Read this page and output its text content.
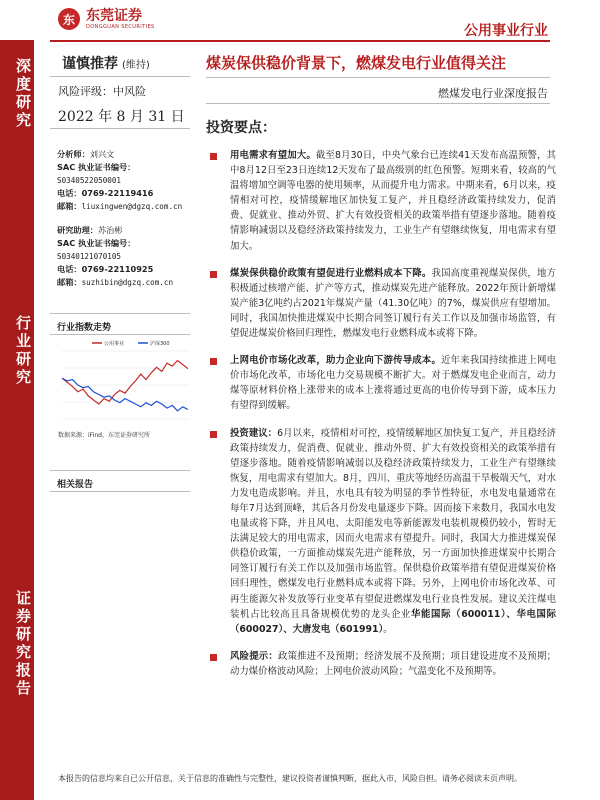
东 东莞证券
DONGGUAN SECURITIES	公用事业行业
深度研究
行业研究
证券研究报告
谨慎推荐 (维持)
风险评级：中风险
2022 年 8 月 31 日
分析师：刘兴文
SAC 执业证书编号：
S0340522050001
电话：0769-22119416
邮箱：liuxingwen@dgzq.com.cn
研究助理：苏治彬
SAC 执业证书编号：
S0340121070105
电话：0769-22110925
邮箱：suzhibin@dgzq.com.cn
行业指数走势
公用事业	沪深300
数据来源：iFind，东莞证券研究所
相关报告
煤炭保供稳价背景下，燃煤发电行业值得关注
燃煤发电行业深度报告
投资要点：
用电需求有望加大。截至8月30日，中央气象台已连续41天发布高温预警，其中8月12日至23日连续12天发布了最高级别的红色预警。短期来看，较高的气温将增加空调等电器的使用频率，从而提升电力需求。中期来看，6月以来，疫情相对可控，疫情缓解地区加快复工复产，并且稳经济政策持续发力，促消费、促就业、推动外贸、扩大有效投资相关的政策举措有望逐步落地。随着疫情影响减弱以及稳经济政策持续发力，工业生产有望继续恢复，用电需求有望加大。
煤炭保供稳价政策有望促进行业燃料成本下降。我国高度重视煤炭保供，地方积极通过核增产能、扩产等方式，推动煤炭先进产能释放。2022年预计新增煤炭产能3亿吨约占2021年煤炭产量（41.30亿吨）的7%，煤炭供应有望增加。同时，我国加快推进煤炭中长期合同签订履行有关工作以及加强市场监管，有望促进煤炭价格回归理性，燃煤发电行业燃料成本或将下降。
上网电价市场化改革，助力企业向下游传导成本。近年来我国持续推进上网电价市场化改革，市场化电力交易规模不断扩大。对于燃煤发电企业而言，动力煤等原材料价格上涨带来的成本上涨将通过更高的电价传导到下游，成本压力有望得到缓解。
投资建议：6月以来，疫情相对可控，疫情缓解地区加快复工复产，并且稳经济政策持续发力，促消费、促就业、推动外贸、扩大有效投资相关的政策举措有望逐步落地。随着疫情影响减弱以及稳经济政策持续发力，工业生产有望继续恢复，用电需求有望加大。8月，四川、重庆等地经历高温干旱极端天气，对水力发电造成影响。并且，水电具有较为明显的季节性特征，水电发电量通常在每年7月达到顶峰，其后各月份发电量逐步下降。因而接下来数月，我国水电发电量或将下降，并且风电、太阳能发电等新能源发电装机规模仍较小，暂时无法满足较大的用电需求，因而火电需求有望提升。同时，我国大力推进煤炭保供稳价政策，一方面推动煤炭先进产能释放，另一方面加快推进煤炭中长期合同签订履行有关工作以及加强市场监管。保供稳价政策举措有望促进煤炭价格回归理性，燃煤发电行业燃料成本或将下降。另外，上网电价市场化改革、可再生能源欠补发放等行业变革有望促进燃煤发电行业良性发展。建议关注煤电装机占比较高且具备规模优势的龙头企业华能国际（600011）、华电国际（600027）、大唐发电（601991）。
风险提示：政策推进不及预期；经济发展不及预期；项目建设进度不及预期；动力煤价格波动风险；上网电价波动风险；气温变化不及预期等。
本报告的信息均来自已公开信息，关于信息的准确性与完整性，建议投资者谨慎判断，据此入市，风险自担。请务必阅读末页声明。
